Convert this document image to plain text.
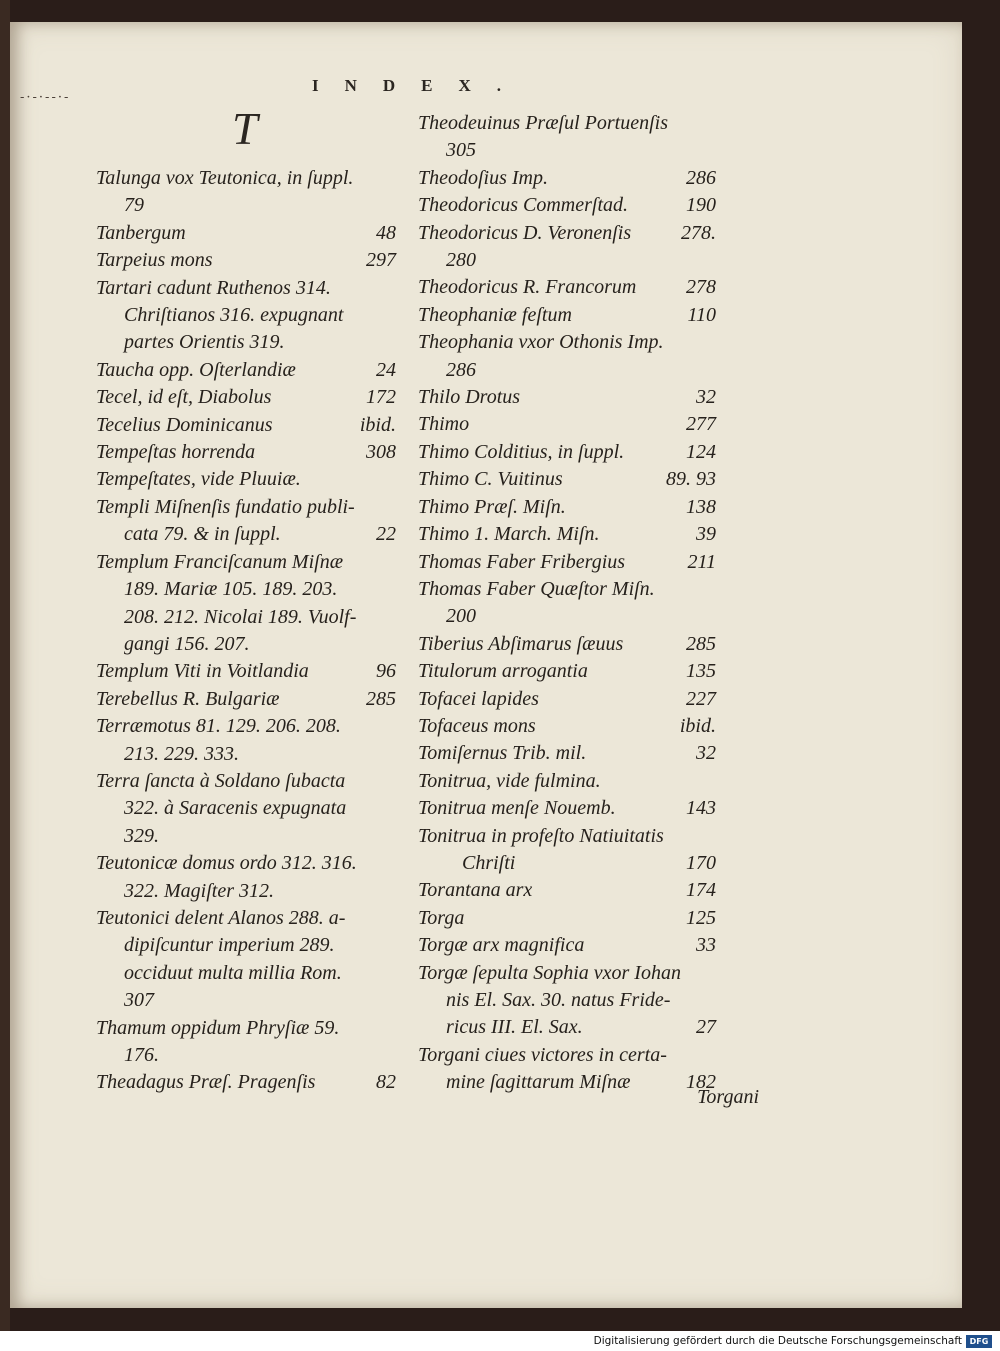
-·-·--·-
INDEX.
T
Talunga vox Teutonica, in ſuppl.
79
Tanbergum	48
Tarpeius mons	297
Tartari cadunt Ruthenos 314.
Chriſtianos 316. expugnant
partes Orientis 319.
Taucha opp. Oſterlandiæ	24
Tecel, id eſt, Diabolus	172
Tecelius Dominicanus	ibid.
Tempeſtas horrenda	308
Tempeſtates, vide Pluuiæ.
Templi Miſnenſis fundatio publi-
cata 79. & in ſuppl.	22
Templum Franciſcanum Miſnæ
189. Mariæ 105. 189. 203.
208. 212. Nicolai 189. Vuolf-
gangi 156. 207.
Templum Viti in Voitlandia	96
Terebellus R. Bulgariæ	285
Terræmotus 81. 129. 206. 208.
213. 229. 333.
Terra ſancta à Soldano ſubacta
322. à Saracenis expugnata
329.
Teutonicæ domus ordo 312. 316.
322. Magiſter 312.
Teutonici delent Alanos 288. a-
dipiſcuntur imperium 289.
occiduut multa millia Rom.
307
Thamum oppidum Phryſiæ 59.
176.
Theadagus Præſ. Pragenſis	82
Theodeuinus Præſul Portuenſis
305
Theodoſius Imp.	286
Theodoricus Commerſtad.	190
Theodoricus D. Veronenſis	278.
280
Theodoricus R. Francorum	278
Theophaniæ feſtum	110
Theophania vxor Othonis Imp.
286
Thilo Drotus	32
Thimo	277
Thimo Colditius, in ſuppl.	124
Thimo C. Vuitinus	89. 93
Thimo Præſ. Miſn.	138
Thimo 1. March. Miſn.	39
Thomas Faber Fribergius	211
Thomas Faber Quæſtor Miſn.
200
Tiberius Abſimarus ſæuus	285
Titulorum arrogantia	135
Tofacei lapides	227
Tofaceus mons	ibid.
Tomiſernus Trib. mil.	32
Tonitrua, vide fulmina.
Tonitrua menſe Nouemb.	143
Tonitrua in profeſto Natiuitatis
Chriſti	170
Torantana arx	174
Torga	125
Torgæ arx magnifica	33
Torgæ ſepulta Sophia vxor Iohan
nis El. Sax. 30. natus Fride-
ricus III. El. Sax.	27
Torgani ciues victores in certa-
mine ſagittarum Miſnæ	182
Torgani
Digitalisierung gefördert durch die Deutsche Forschungsgemeinschaft DFG
